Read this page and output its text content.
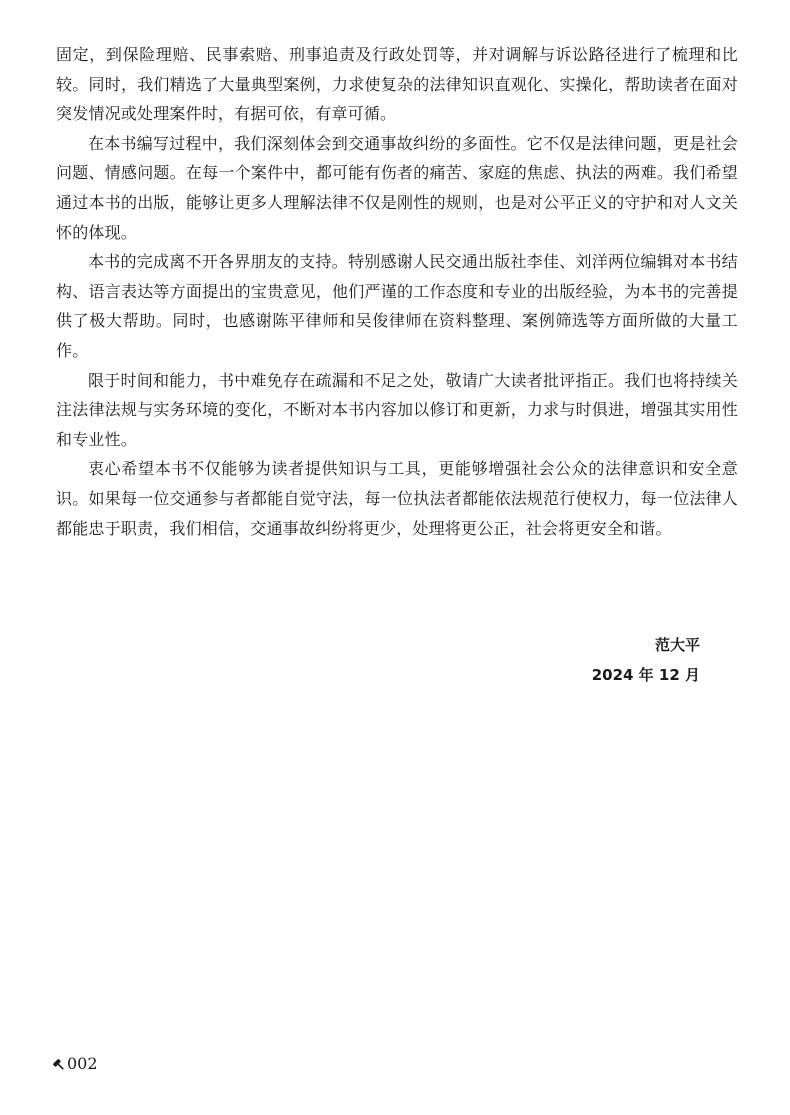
固定，到保险理赔、民事索赔、刑事追责及行政处罚等，并对调解与诉讼路径进行了梳理和比较。同时，我们精选了大量典型案例，力求使复杂的法律知识直观化、实操化，帮助读者在面对突发情况或处理案件时，有据可依，有章可循。

在本书编写过程中，我们深刻体会到交通事故纠纷的多面性。它不仅是法律问题，更是社会问题、情感问题。在每一个案件中，都可能有伤者的痛苦、家庭的焦虑、执法的两难。我们希望通过本书的出版，能够让更多人理解法律不仅是刚性的规则，也是对公平正义的守护和对人文关怀的体现。

本书的完成离不开各界朋友的支持。特别感谢人民交通出版社李佳、刘洋两位编辑对本书结构、语言表达等方面提出的宝贵意见，他们严谨的工作态度和专业的出版经验，为本书的完善提供了极大帮助。同时，也感谢陈平律师和吴俊律师在资料整理、案例筛选等方面所做的大量工作。

限于时间和能力，书中难免存在疏漏和不足之处，敬请广大读者批评指正。我们也将持续关注法律法规与实务环境的变化，不断对本书内容加以修订和更新，力求与时俱进，增强其实用性和专业性。

衷心希望本书不仅能够为读者提供知识与工具，更能够增强社会公众的法律意识和安全意识。如果每一位交通参与者都能自觉守法，每一位执法者都能依法规范行使权力，每一位法律人都能忠于职责，我们相信，交通事故纠纷将更少，处理将更公正，社会将更安全和谐。

范大平
2024 年 12 月
002
